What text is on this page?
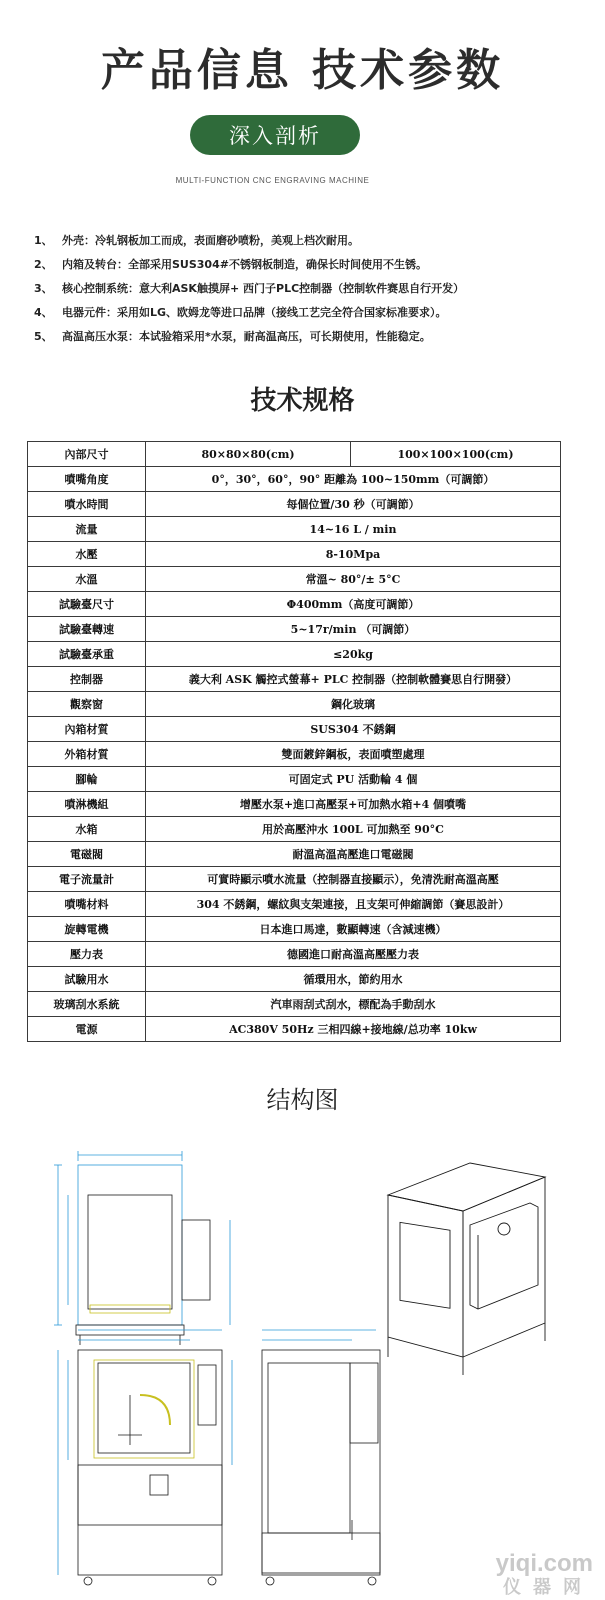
产品信息 技术参数
深入剖析
MULTI-FUNCTION CNC ENGRAVING MACHINE
1、 外壳：冷轧钢板加工而成，表面磨砂喷粉，美观上档次耐用。
2、 内箱及转台：全部采用SUS304#不锈钢板制造，确保长时间使用不生锈。
3、 核心控制系统：意大利ASK触摸屏+ 西门子PLC控制器（控制软件赛思自行开发）
4、 电器元件：采用如LG、欧姆龙等进口品牌（接线工艺完全符合国家标准要求）。
5、 高温高压水泵：本试验箱采用*水泵，耐高温高压，可长期使用，性能稳定。
技术规格
內部尺寸	80×80×80(cm)	100×100×100(cm)
噴嘴角度	0°，30°，60°，90° 距離為 100~150mm（可調節）	
噴水時間	每個位置/30 秒（可調節）	
流量	14~16 L / min	
水壓	8-10Mpa	
水溫	常溫~ 80°/± 5°C	
試驗臺尺寸	Φ400mm（高度可調節）	
試驗臺轉速	5~17r/min （可調節）	
試驗臺承重	≤20kg	
控制器	義大利 ASK 觸控式螢幕+ PLC 控制器（控制軟體賽思自行開發）	
觀察窗	鋼化玻璃	
內箱材質	SUS304 不銹鋼	
外箱材質	雙面鍍鋅鋼板，表面噴塑處理	
腳輪	可固定式 PU 活動輪 4 個	
噴淋機組	增壓水泵+進口高壓泵+可加熱水箱+4 個噴嘴	
水箱	用於高壓沖水 100L 可加熱至 90°C	
電磁閥	耐溫高溫高壓進口電磁閥	
電子流量計	可實時顯示噴水流量（控制器直接顯示），免清洗耐高溫高壓	
噴嘴材料	304 不銹鋼，螺紋與支架連接，且支架可伸縮調節（賽思設計）	
旋轉電機	日本進口馬達，數顯轉速（含減速機）	
壓力表	德國進口耐高溫高壓壓力表	
試驗用水	循環用水，節約用水	
玻璃刮水系統	汽車雨刮式刮水，標配為手動刮水	
電源	AC380V 50Hz 三相四線+接地線/总功率 10kw	
结构图
yiqi.com
仪器网
